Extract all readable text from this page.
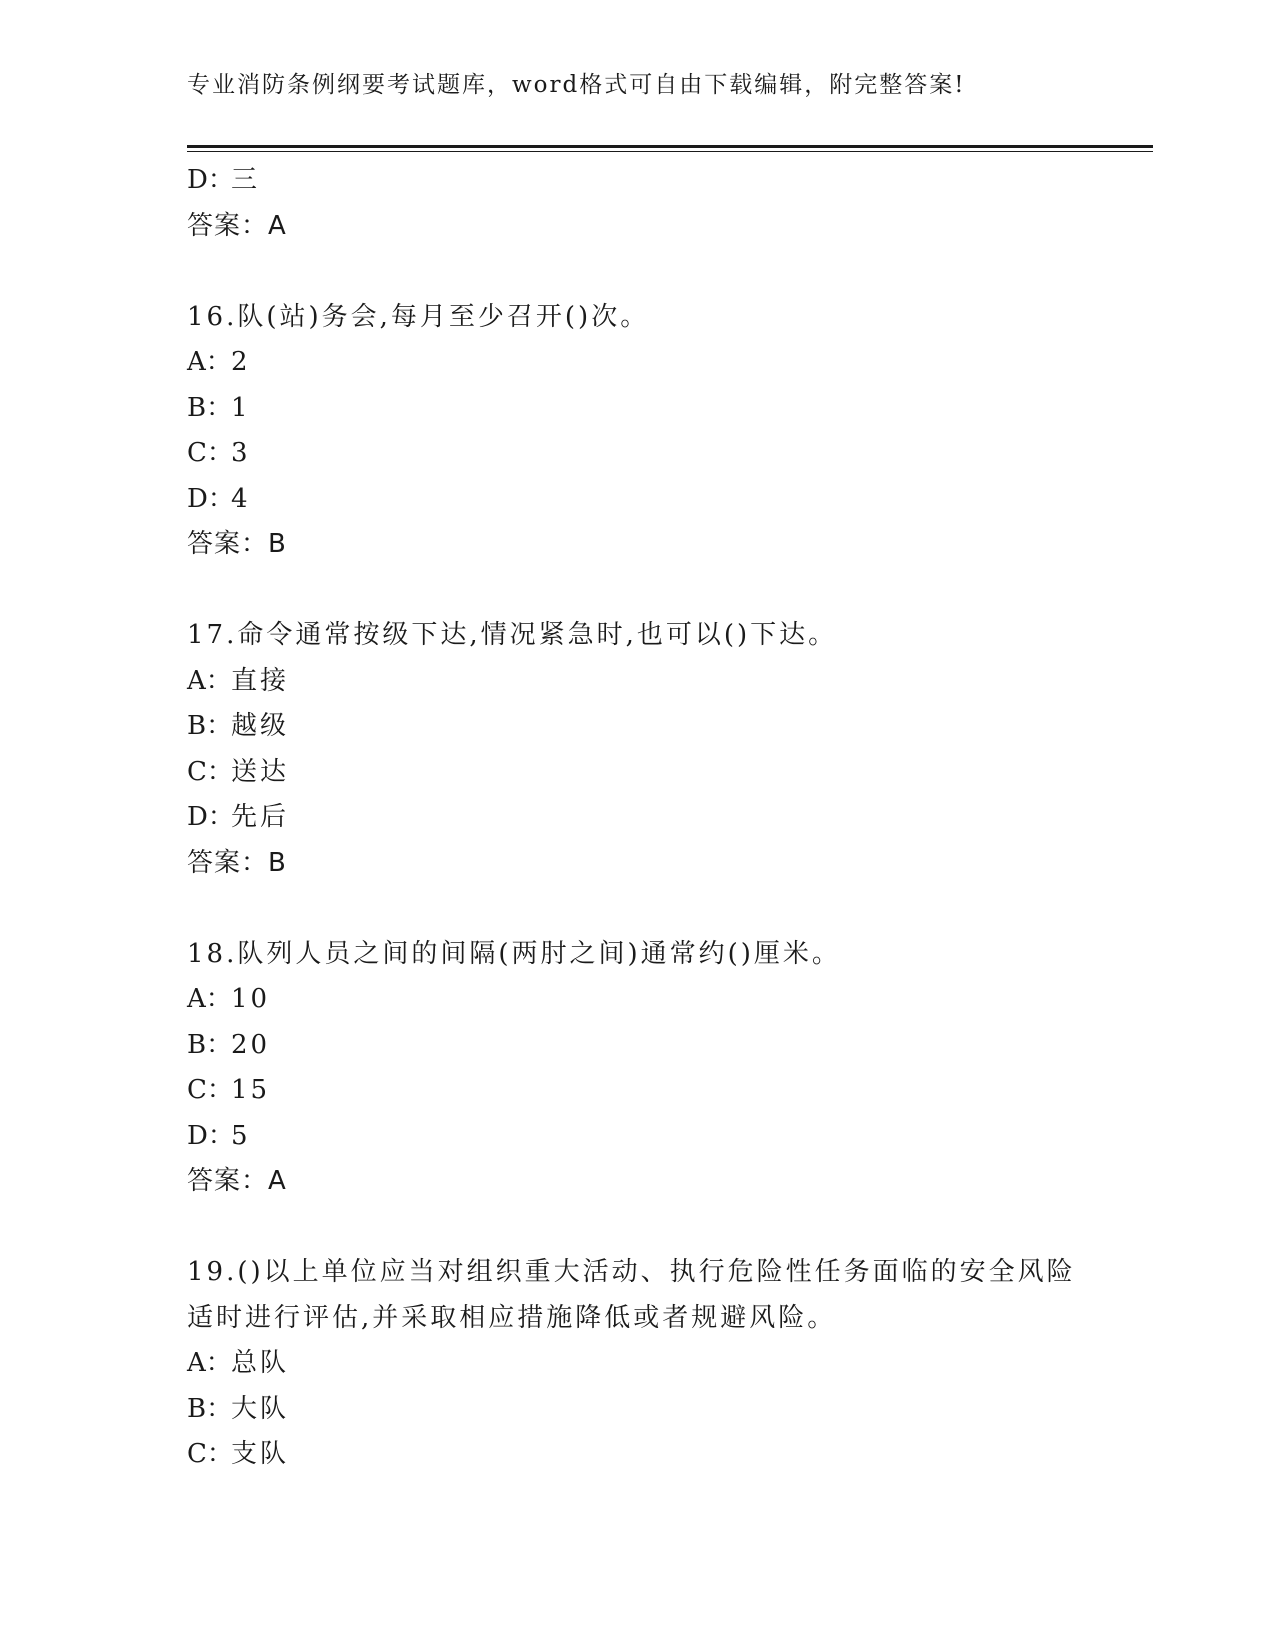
专业消防条例纲要考试题库，word格式可自由下载编辑，附完整答案!
D：三
答案：A
16.队(站)务会,每月至少召开()次。
A：2
B：1
C：3
D：4
答案：B
17.命令通常按级下达,情况紧急时,也可以()下达。
A：直接
B：越级
C：送达
D：先后
答案：B
18.队列人员之间的间隔(两肘之间)通常约()厘米。
A：10
B：20
C：15
D：5
答案：A
19.()以上单位应当对组织重大活动、执行危险性任务面临的安全风险
适时进行评估,并采取相应措施降低或者规避风险。
A：总队
B：大队
C：支队
